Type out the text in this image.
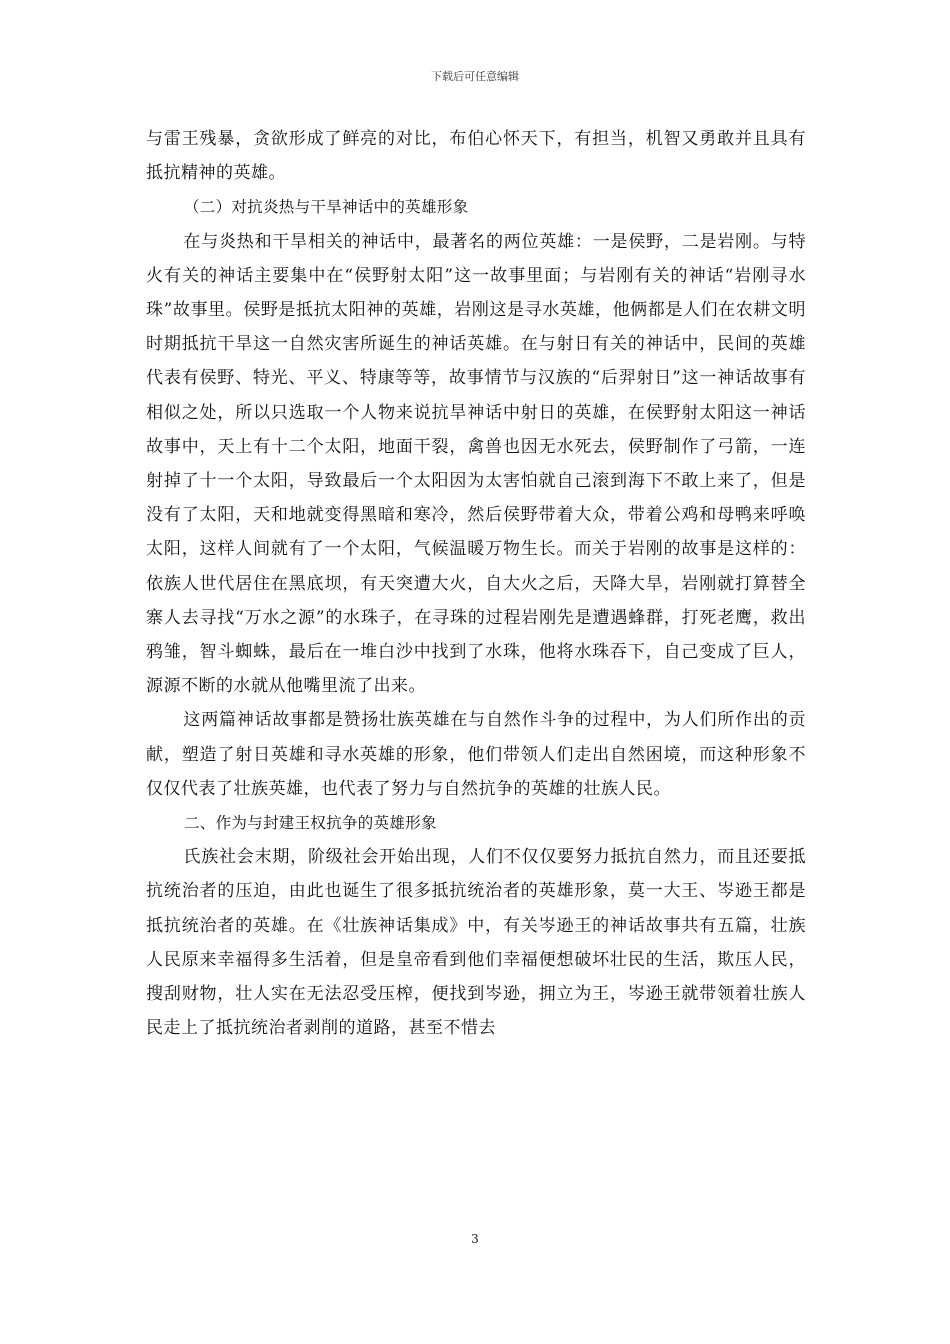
下载后可任意编辑

与雷王残暴，贪欲形成了鲜亮的对比，布伯心怀天下，有担当，机智又勇敢并且具有抵抗精神的英雄。

（二）对抗炎热与干旱神话中的英雄形象

在与炎热和干旱相关的神话中，最著名的两位英雄：一是侯野，二是岩刚。与特火有关的神话主要集中在“侯野射太阳”这一故事里面；与岩刚有关的神话“岩刚寻水珠”故事里。侯野是抵抗太阳神的英雄，岩刚这是寻水英雄，他俩都是人们在农耕文明时期抵抗干旱这一自然灾害所诞生的神话英雄。在与射日有关的神话中，民间的英雄代表有侯野、特光、平义、特康等等，故事情节与汉族的“后羿射日”这一神话故事有相似之处，所以只选取一个人物来说抗旱神话中射日的英雄，在侯野射太阳这一神话故事中，天上有十二个太阳，地面干裂，禽兽也因无水死去，侯野制作了弓箭，一连射掉了十一个太阳，导致最后一个太阳因为太害怕就自己滚到海下不敢上来了，但是没有了太阳，天和地就变得黑暗和寒冷，然后侯野带着大众，带着公鸡和母鸭来呼唤太阳，这样人间就有了一个太阳，气候温暖万物生长。而关于岩刚的故事是这样的：依族人世代居住在黑底坝，有天突遭大火，自大火之后，天降大旱，岩刚就打算替全寨人去寻找“万水之源”的水珠子，在寻珠的过程岩刚先是遭遇蜂群，打死老鹰，救出鸦雏，智斗蜘蛛，最后在一堆白沙中找到了水珠，他将水珠吞下，自己变成了巨人，源源不断的水就从他嘴里流了出来。

这两篇神话故事都是赞扬壮族英雄在与自然作斗争的过程中，为人们所作出的贡献，塑造了射日英雄和寻水英雄的形象，他们带领人们走出自然困境，而这种形象不仅仅代表了壮族英雄，也代表了努力与自然抗争的英雄的壮族人民。

二、作为与封建王权抗争的英雄形象

氏族社会末期，阶级社会开始出现，人们不仅仅要努力抵抗自然力，而且还要抵抗统治者的压迫，由此也诞生了很多抵抗统治者的英雄形象，莫一大王、岑逊王都是抵抗统治者的英雄。在《壮族神话集成》中，有关岑逊王的神话故事共有五篇，壮族人民原来幸福得多生活着，但是皇帝看到他们幸福便想破坏壮民的生活，欺压人民，搜刮财物，壮人实在无法忍受压榨，便找到岑逊，拥立为王，岑逊王就带领着壮族人民走上了抵抗统治者剥削的道路，甚至不惜去

3
